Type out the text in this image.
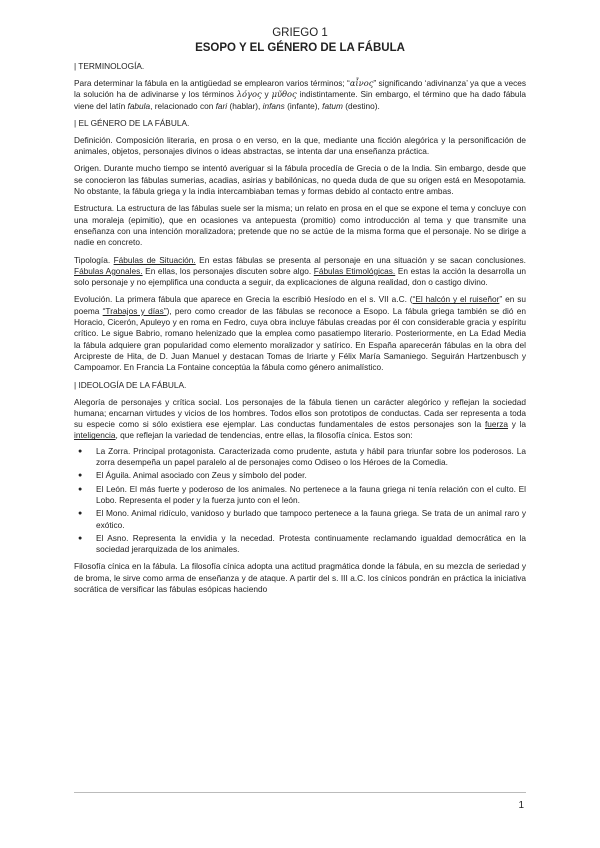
GRIEGO 1
ESOPO Y EL GÉNERO DE LA FÁBULA
| TERMINOLOGÍA.

Para determinar la fábula en la antigüedad se emplearon varios términos; “αἶνος” significando ‘adivinanza’ ya que a veces la solución ha de adivinarse y los términos λόγος y μῦθος indistintamente. Sin embargo, el término que ha dado fábula viene del latín fabula, relacionado con fari (hablar), infans (infante), fatum (destino).

| EL GÉNERO DE LA FÁBULA.

Definición. Composición literaria, en prosa o en verso, en la que, mediante una ficción alegórica y la personificación de animales, objetos, personajes divinos o ideas abstractas, se intenta dar una enseñanza práctica.

Origen. Durante mucho tiempo se intentó averiguar si la fábula procedía de Grecia o de la India. Sin embargo, desde que se conocieron las fábulas sumerias, acadias, asirias y babilónicas, no queda duda de que su origen está en Mesopotamia. No obstante, la fábula griega y la india intercambiaban temas y formas debido al contacto entre ambas.

Estructura. La estructura de las fábulas suele ser la misma; un relato en prosa en el que se expone el tema y concluye con una moraleja (epimitio), que en ocasiones va antepuesta (promitio) como introducción al tema y que transmite una enseñanza con una intención moralizadora; pretende que no se actúe de la misma forma que el personaje. No se dirige a nadie en concreto.

Tipología. Fábulas de Situación. En estas fábulas se presenta al personaje en una situación y se sacan conclusiones. Fábulas Agonales. En ellas, los personajes discuten sobre algo. Fábulas Etimológicas. En estas la acción la desarrolla un solo personaje y no ejemplifica una conducta a seguir, da explicaciones de alguna realidad, don o castigo divino.

Evolución. La primera fábula que aparece en Grecia la escribió Hesíodo en el s. VII a.C. (“El halcón y el ruiseñor” en su poema “Trabajos y días”), pero como creador de las fábulas se reconoce a Esopo. La fábula griega también se dió en Horacio, Cicerón, Apuleyo y en roma en Fedro, cuya obra incluye fábulas creadas por él con considerable gracia y espíritu crítico. Le sigue Babrio, romano helenizado que la emplea como pasatiempo literario. Posteriormente, en La Edad Media la fábula adquiere gran popularidad como elemento moralizador y satírico. En España aparecerán fábulas en la obra del Arcipreste de Hita, de D. Juan Manuel y destacan Tomas de Iriarte y Félix María Samaniego. Seguirán Hartzenbusch y Campoamor. En Francia La Fontaine conceptúa la fábula como género animalístico.

| IDEOLOGÍA DE LA FÁBULA.

Alegoría de personajes y crítica social. Los personajes de la fábula tienen un carácter alegórico y reflejan la sociedad humana; encarnan virtudes y vicios de los hombres. Todos ellos son prototipos de conductas. Cada ser representa a toda su especie como si sólo existiera ese ejemplar. Las conductas fundamentales de estos personajes son la fuerza y la inteligencia, que reflejan la variedad de tendencias, entre ellas, la filosofía cínica. Estos son:

● La Zorra. Principal protagonista. Caracterizada como prudente, astuta y hábil para triunfar sobre los poderosos. La zorra desempeña un papel paralelo al de personajes como Odiseo o los Héroes de la Comedia.
● El Águila. Animal asociado con Zeus y símbolo del poder.
● El León. El más fuerte y poderoso de los animales. No pertenece a la fauna griega ni tenía relación con el culto. El Lobo. Representa el poder y la fuerza junto con el león.
● El Mono. Animal ridículo, vanidoso y burlado que tampoco pertenece a la fauna griega. Se trata de un animal raro y exótico.
● El Asno. Representa la envidia y la necedad. Protesta continuamente reclamando igualdad democrática en la sociedad jerarquizada de los animales.

Filosofía cínica en la fábula. La filosofía cínica adopta una actitud pragmática donde la fábula, en su mezcla de seriedad y de broma, le sirve como arma de enseñanza y de ataque. A partir del s. III a.C. los cínicos pondrán en práctica la iniciativa socrática de versificar las fábulas esópicas haciendo

1
